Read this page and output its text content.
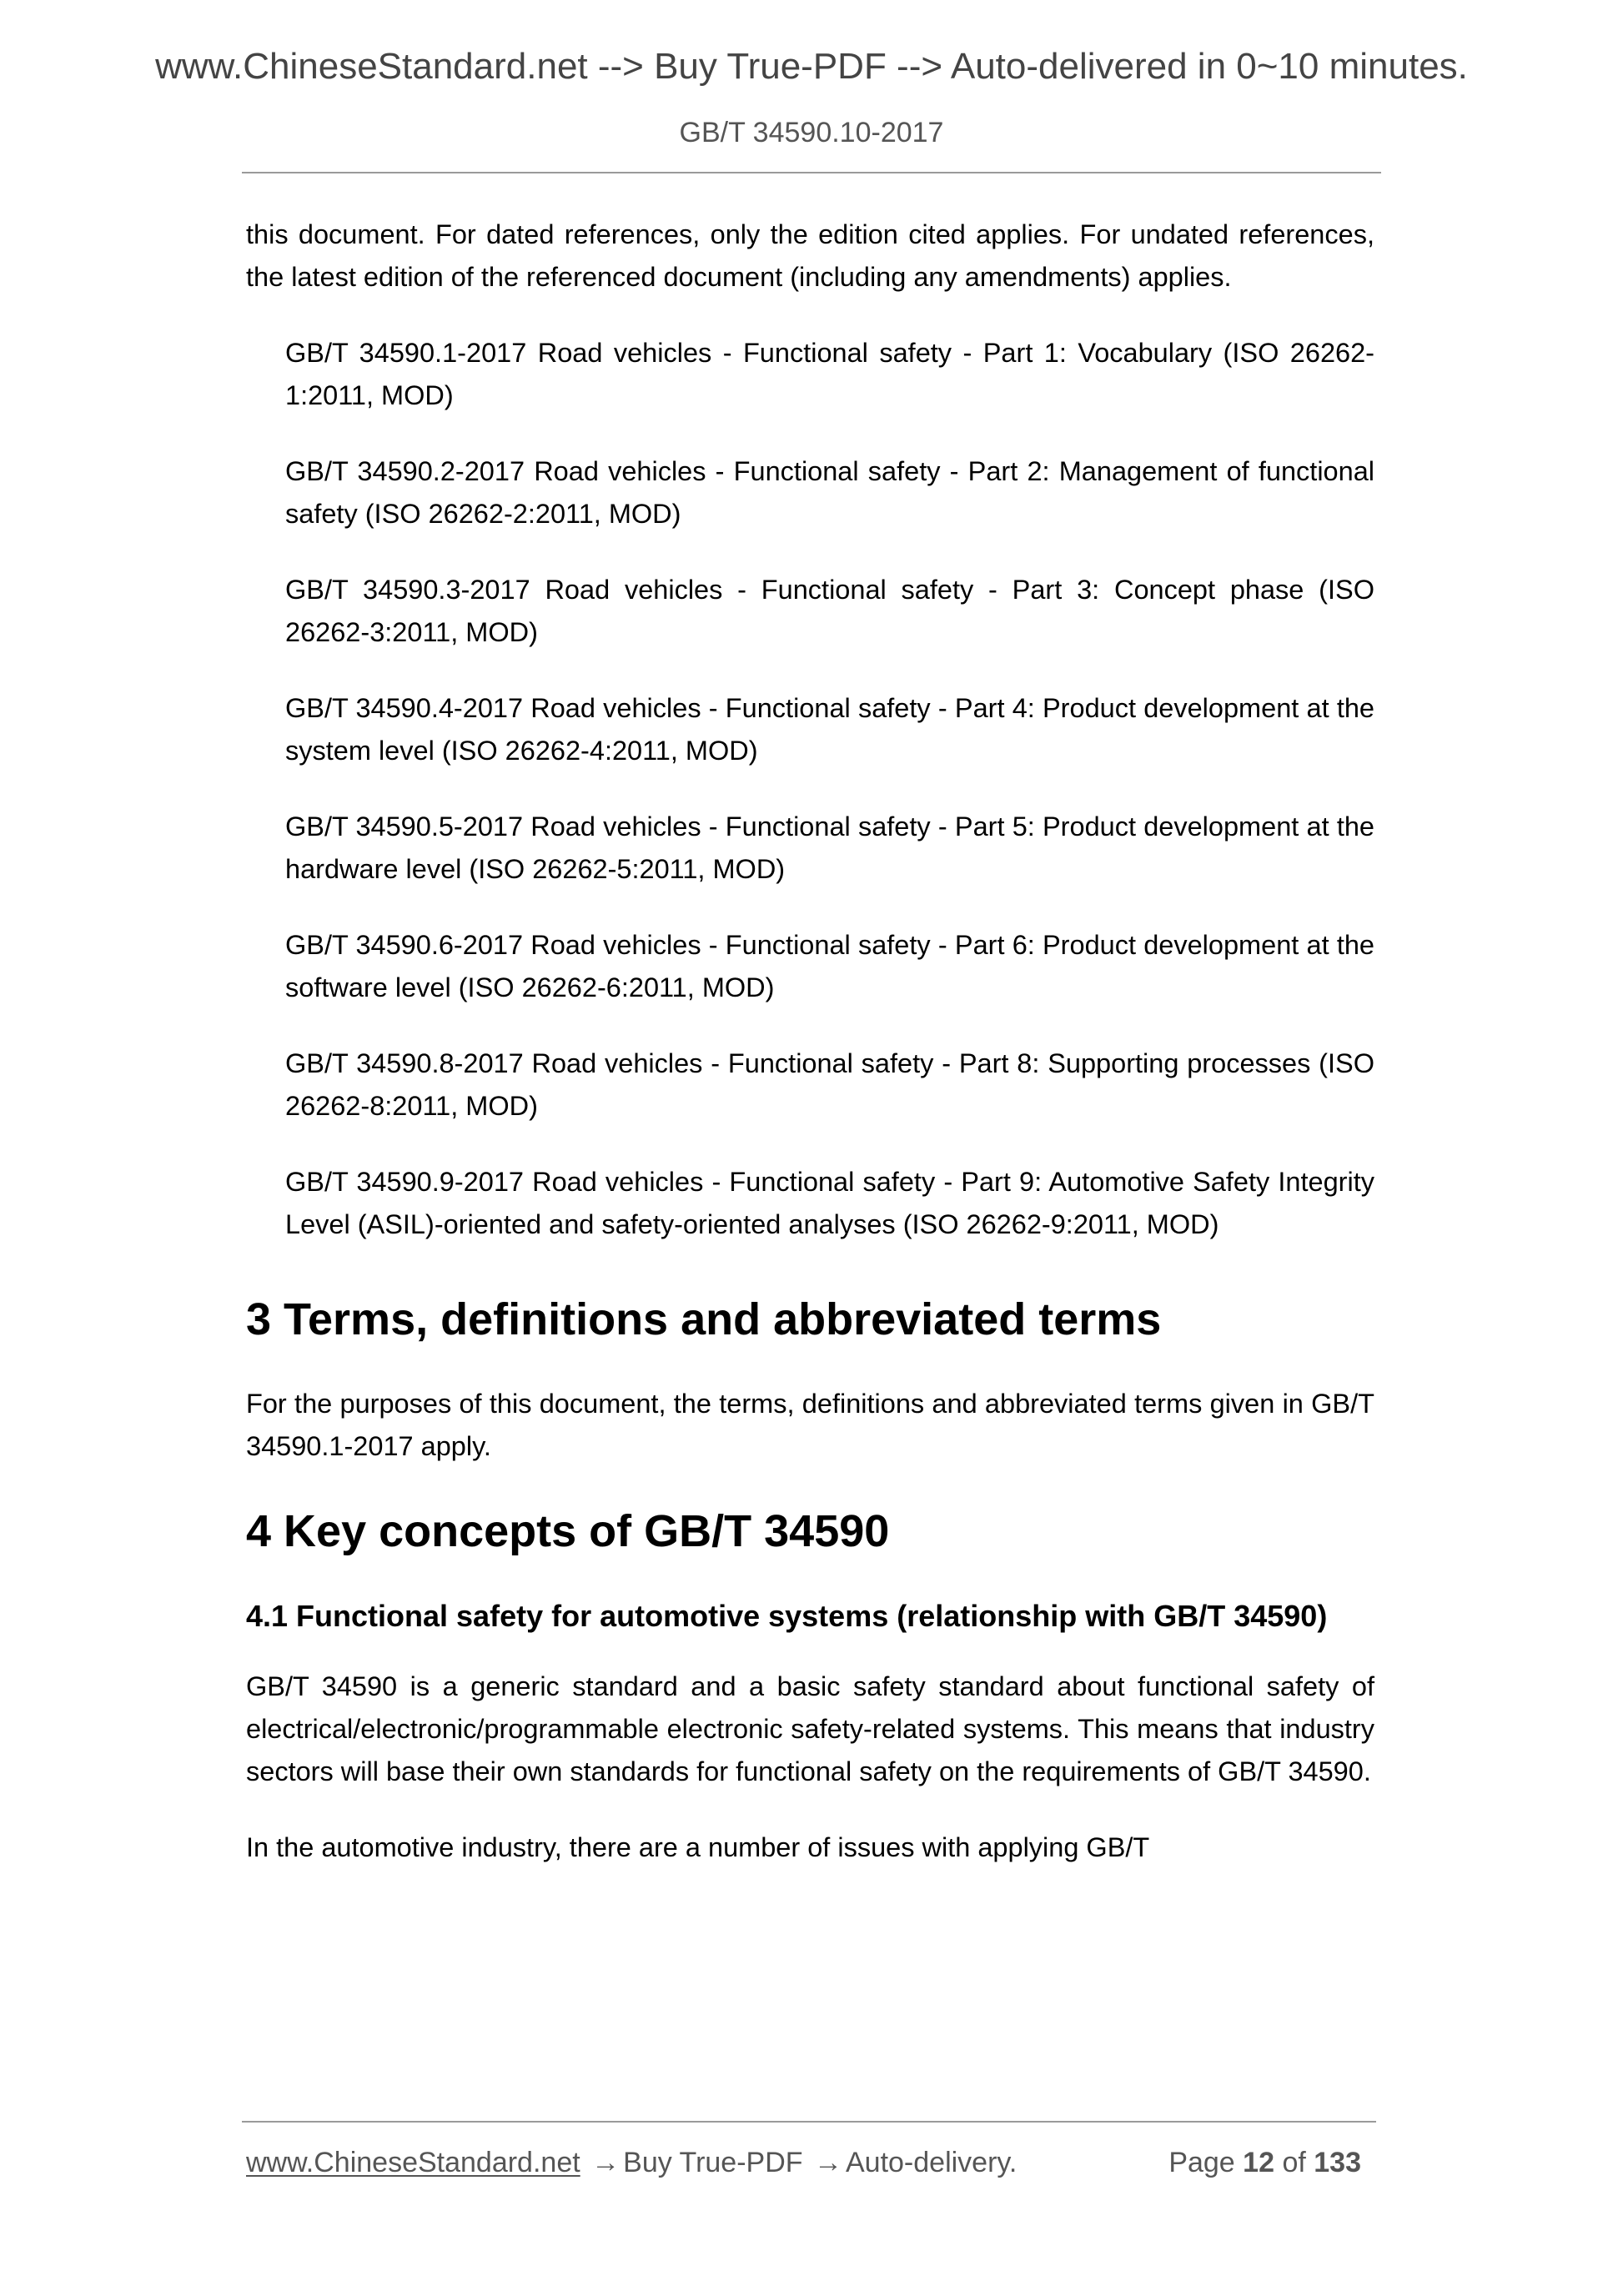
www.ChineseStandard.net --> Buy True-PDF --> Auto-delivered in 0~10 minutes.
GB/T 34590.10-2017

this document. For dated references, only the edition cited applies. For undated references, the latest edition of the referenced document (including any amendments) applies.

GB/T 34590.1-2017 Road vehicles - Functional safety - Part 1: Vocabulary (ISO 26262-1:2011, MOD)

GB/T 34590.2-2017 Road vehicles - Functional safety - Part 2: Management of functional safety (ISO 26262-2:2011, MOD)

GB/T 34590.3-2017 Road vehicles - Functional safety - Part 3: Concept phase (ISO 26262-3:2011, MOD)

GB/T 34590.4-2017 Road vehicles - Functional safety - Part 4: Product development at the system level (ISO 26262-4:2011, MOD)

GB/T 34590.5-2017 Road vehicles - Functional safety - Part 5: Product development at the hardware level (ISO 26262-5:2011, MOD)

GB/T 34590.6-2017 Road vehicles - Functional safety - Part 6: Product development at the software level (ISO 26262-6:2011, MOD)

GB/T 34590.8-2017 Road vehicles - Functional safety - Part 8: Supporting processes (ISO 26262-8:2011, MOD)

GB/T 34590.9-2017 Road vehicles - Functional safety - Part 9: Automotive Safety Integrity Level (ASIL)-oriented and safety-oriented analyses (ISO 26262-9:2011, MOD)

3 Terms, definitions and abbreviated terms

For the purposes of this document, the terms, definitions and abbreviated terms given in GB/T 34590.1-2017 apply.

4 Key concepts of GB/T 34590
4.1 Functional safety for automotive systems (relationship with GB/T 34590)

GB/T 34590 is a generic standard and a basic safety standard about functional safety of electrical/electronic/programmable electronic safety-related systems. This means that industry sectors will base their own standards for functional safety on the requirements of GB/T 34590.

In the automotive industry, there are a number of issues with applying GB/T

www.ChineseStandard.net → Buy True-PDF → Auto-delivery.	Page 12 of 133
